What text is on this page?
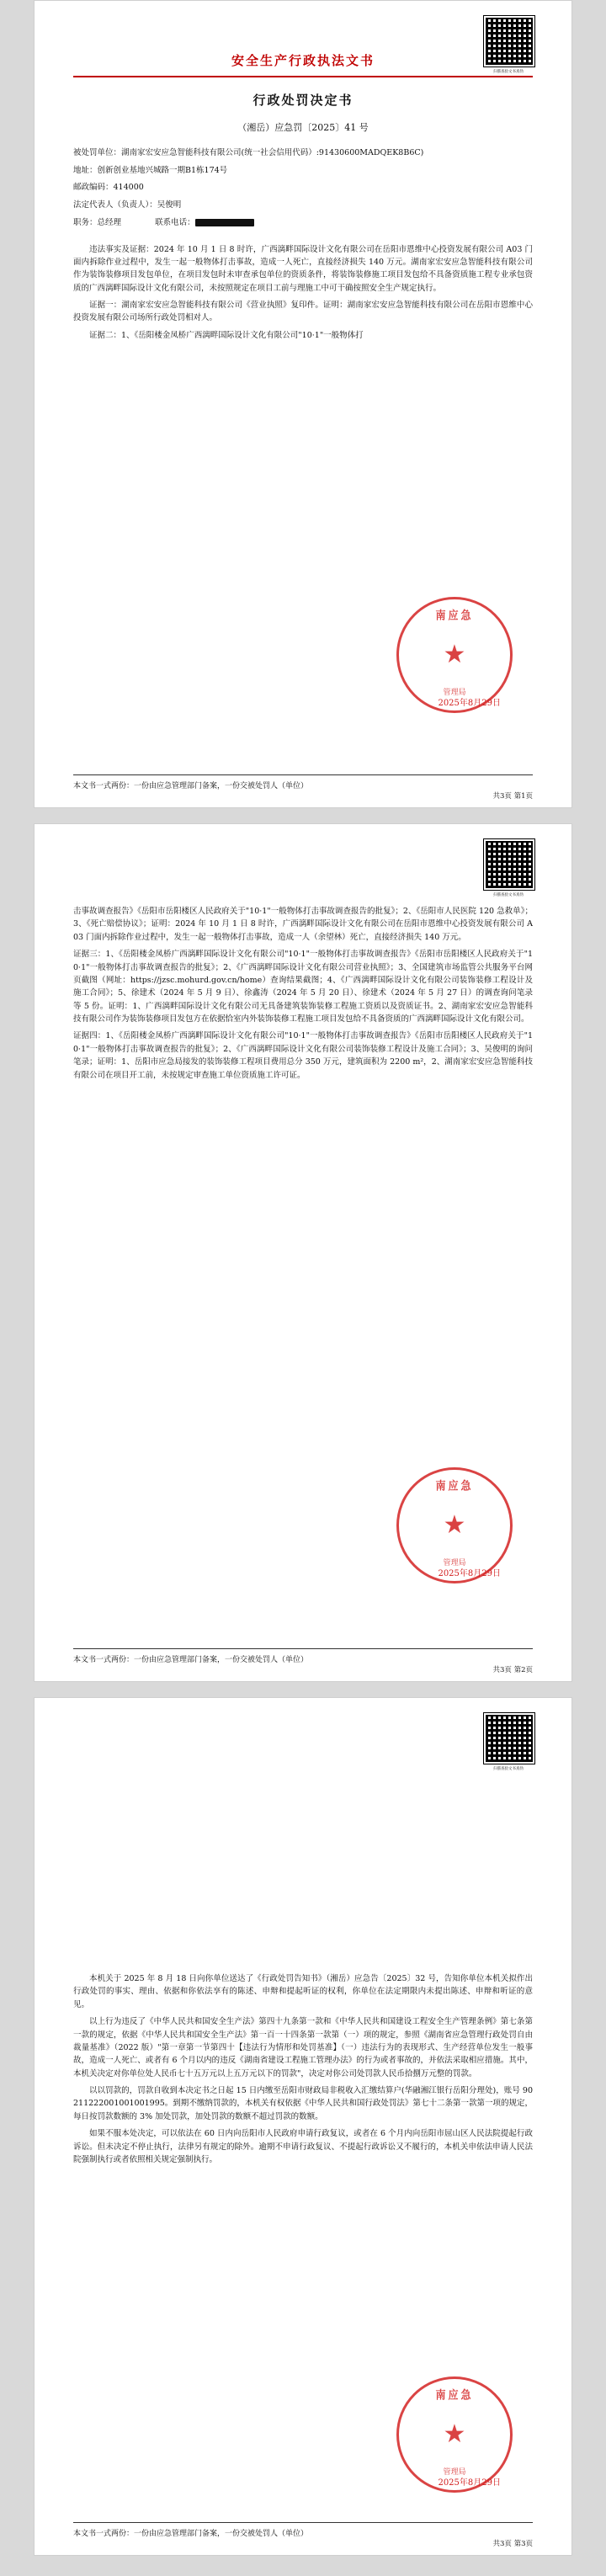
扫描查验文书真伪
安全生产行政执法文书
行政处罚决定书
（湘岳）应急罚〔2025〕41 号

被处罚单位：湖南家宏安应急智能科技有限公司(统一社会信用代码）:91430600MADQEK8B6C)

地址：创新创业基地兴城路一期B1栋174号

邮政编码：414000

法定代表人（负责人）：吴俊明

职务：总经理	联系电话：

违法事实及证据：2024 年 10 月 1 日 8 时许，广西漓畔国际设计文化有限公司在岳阳市恩维中心投资发展有限公司 A03 门面内拆除作业过程中，发生一起一般物体打击事故，造成一人死亡，直接经济损失 140 万元。湖南家宏安应急智能科技有限公司作为装饰装修项目发包单位，在项目发包时未审查承包单位的资质条件，将装饰装修施工项目发包给不具备资质施工程专业承包资质的广西漓畔国际设计文化有限公司，未按照规定在项目工前与理施工中可干确按照安全生产规定执行。

证据一：湖南家宏安应急智能科技有限公司《营业执照》复印件。证明：湖南家宏安应急智能科技有限公司在岳阳市恩维中心投资发展有限公司场所行政处罚相对人。

证据二：1、《岳阳楼金凤桥广西漓畔国际设计文化有限公司"10·1"一般物体打

南应急
★
管理局
2025年8月29日
本文书一式两份：一份由应急管理部门备案，一份交被处罚人（单位）
共3页 第1页
扫描查验文书真伪

击事故调查报告》《岳阳市岳阳楼区人民政府关于"10·1"一般物体打击事故调查报告的批复》；2、《岳阳市人民医院 120 急救单》；3、《死亡赔偿协议》；证明：2024 年 10 月 1 日 8 时许，广西漓畔国际设计文化有限公司在岳阳市恩维中心投资发展有限公司 A03 门面内拆除作业过程中，发生一起一般物体打击事故，造成一人（余望林）死亡，直接经济损失 140 万元。

证据三：1、《岳阳楼金凤桥广西漓畔国际设计文化有限公司"10·1"一般物体打击事故调查报告》《岳阳市岳阳楼区人民政府关于"10·1"一般物体打击事故调查报告的批复》；2、《广西漓畔国际设计文化有限公司营业执照》；3、全国建筑市场监管公共服务平台网页截图（网址：https://jzsc.mohurd.gov.cn/home）查询结果截图；4、《广西漓畔国际设计文化有限公司装饰装修工程设计及施工合同》；5、徐建术（2024 年 5 月 9 日）、徐鑫涛（2024 年 5 月 20 日）、徐建术（2024 年 5 月 27 日）的调查询问笔录等 5 份。证明：1、广西漓畔国际设计文化有限公司无具备建筑装饰装修工程施工资质以及资质证书。2、湖南家宏安应急智能科技有限公司作为装饰装修项目发包方在依据恰室内外装饰装修工程施工项目发包给不具备资质的广西漓畔国际设计文化有限公司。

证据四：1、《岳阳楼金凤桥广西漓畔国际设计文化有限公司"10·1"一般物体打击事故调查报告》《岳阳市岳阳楼区人民政府关于"10·1"一般物体打击事故调查报告的批复》；2、《广西漓畔国际设计文化有限公司装饰装修工程设计及施工合同》；3、吴俊明的询问笔录；证明：1、岳阳市应急局接发的装饰装修工程项目费用总分 350 万元，建筑面积为 2200 m²，2、湖南家宏安应急智能科技有限公司在项目开工前，未按规定审查施工单位资质施工许可证。

南应急
★
管理局
2025年8月29日
本文书一式两份：一份由应急管理部门备案，一份交被处罚人（单位）
共3页 第2页
扫描查验文书真伪

本机关于 2025 年 8 月 18 日向你单位送达了《行政处罚告知书》（湘岳）应急告〔2025〕32 号，告知你单位本机关拟作出行政处罚的事实、理由、依据和你依法享有的陈述、申辩和提起听证的权利，你单位在法定期限内未提出陈述、申辩和听证的意见。

以上行为违反了《中华人民共和国安全生产法》第四十九条第一款和《中华人民共和国建设工程安全生产管理条例》第七条第一款的规定，依据《中华人民共和国安全生产法》第一百一十四条第一款第（一）项的规定，参照《湖南省应急管理行政处罚自由裁量基准》（2022 版）"第一章第一节第四十【违法行为情形和处罚基准】（一）违法行为的表现形式、生产经营单位发生一般事故，造成一人死亡、或者有 6 个月以内的违反《湖南省建设工程施工管理办法》的行为或者事故的，并依法采取相应措施。其中，本机关决定对你单位处人民币七十五万元以上五万元以下的罚款"，决定对你公司处罚款人民币拾捌万元整的罚款。

以以罚款的，罚款自收到本决定书之日起 15 日内缴至岳阳市财政局非税收入汇缴结算户(华融湘江银行岳阳分理处)，账号 90211222001001001995。到期不缴纳罚款的，本机关有权依据《中华人民共和国行政处罚法》第七十二条第一款第一项的规定，每日按罚款数额的 3% 加处罚款，加处罚款的数额不超过罚款的数额。

如果不服本处决定，可以依法在 60 日内向岳阳市人民政府申请行政复议，或者在 6 个月内向岳阳市屈山区人民法院提起行政诉讼。但未决定不停止执行，法律另有规定的除外。逾期不申请行政复议、不提起行政诉讼又不履行的，本机关申依法申请人民法院强制执行或者依照相关规定强制执行。

南应急
★
管理局
2025年8月29日
本文书一式两份：一份由应急管理部门备案，一份交被处罚人（单位）
共3页 第3页
